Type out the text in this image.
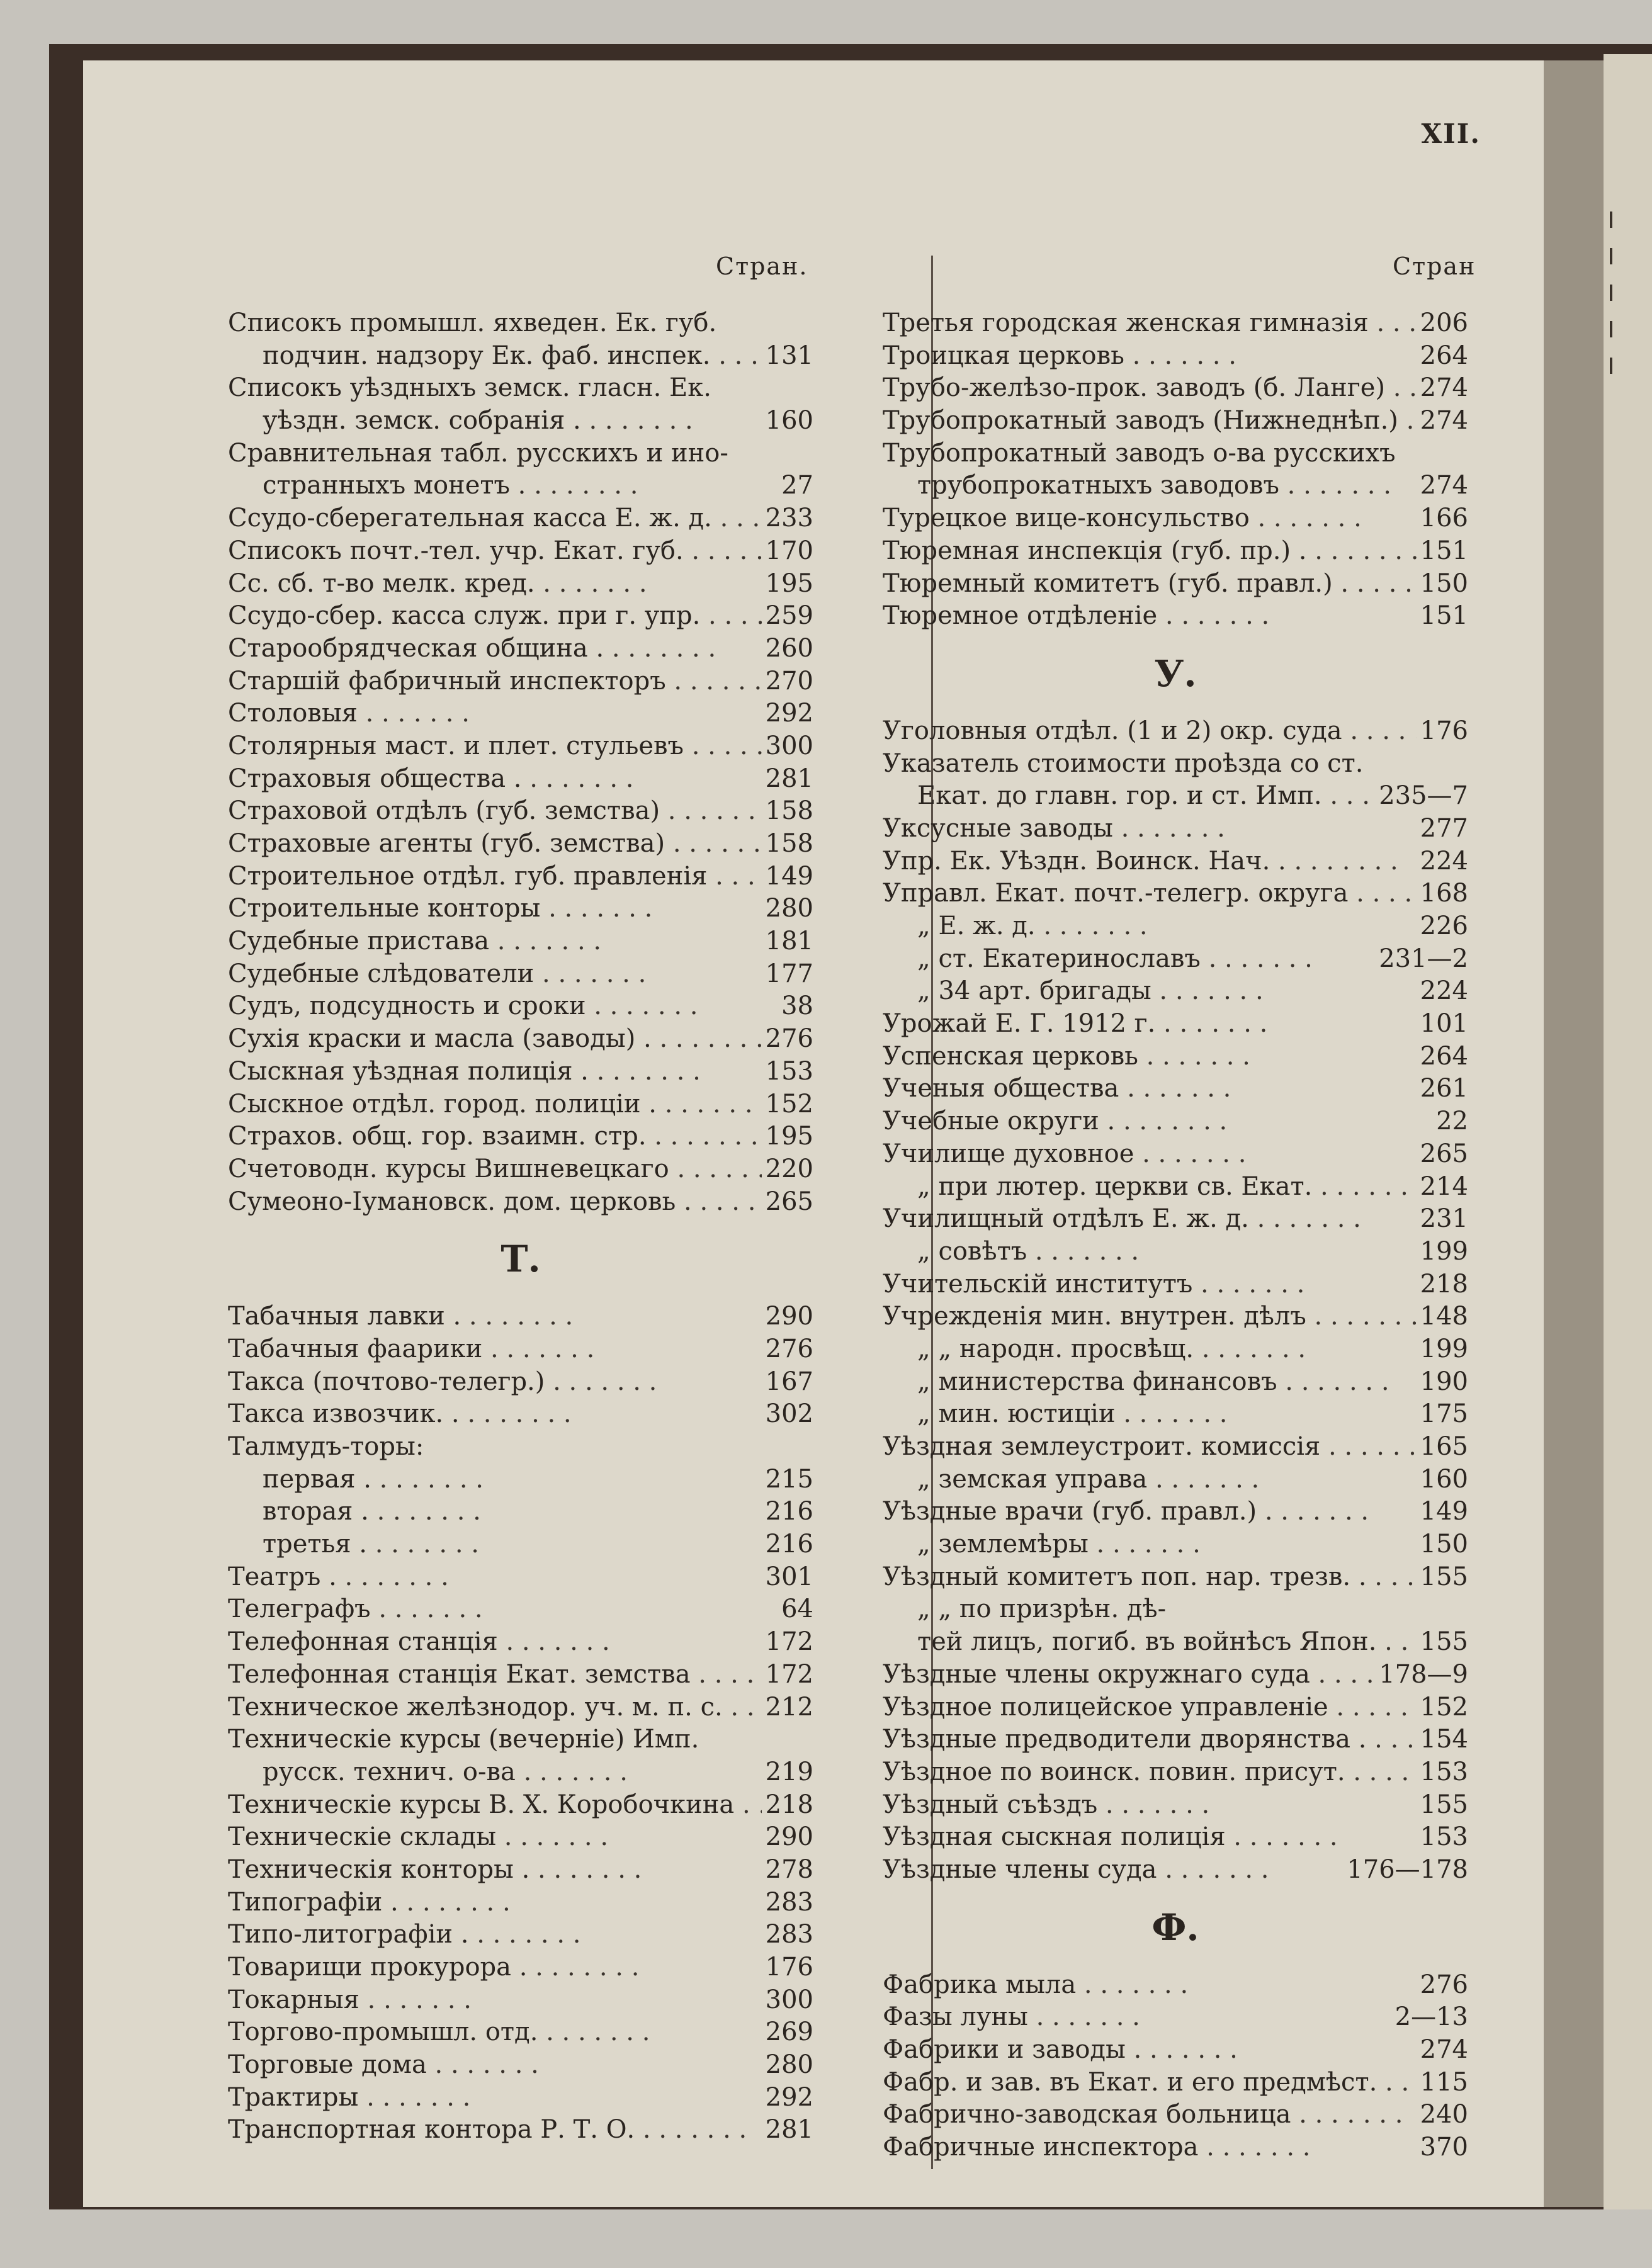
XII.
Стран.	Стран
Списокъ промышл. яхведен. Ек. губ.
подчин. надзору Ек. фаб. инспек. . .	131
Списокъ уѣздныхъ земск. гласн. Ек.
уѣздн. земск. собранія . . .	160
Сравнительная табл. русскихъ и ино-
странныхъ монетъ . . .	27
Ссудо-сберегательная касса Е. ж. д. . .	233
Списокъ почт.-тел. учр. Екат. губ. . .	170
Сс. сб. т-во мелк. кред. . .	195
Ссудо-сбер. касса служ. при г. упр. . .	259
Старообрядческая община . . .	260
Старшій фабричный инспекторъ . .	270
Столовыя . .	292
Столярныя маст. и плет. стульевъ . .	300
Страховыя общества . . .	281
Страховой отдѣлъ (губ. земства) . .	158
Страховые агенты (губ. земства) . .	158
Строительное отдѣл. губ. правленія . .	149
Строительные конторы . .	280
Судебные пристава . .	181
Судебные слѣдователи . .	177
Судъ, подсудность и сроки . .	38
Сухія краски и масла (заводы) . . .	276
Сыскная уѣздная полиція . . .	153
Сыскное отдѣл. город. полиціи . . .	152
Страхов. общ. гор. взаимн. стр. . .	195
Счетоводн. курсы Вишневецкаго . .	220
Сумеоно-Іумановск. дом. церковь . .	265
Т.
Табачныя лавки . . .	290
Табачныя фаарики . .	276
Такса (почтово-телегр.) . .	167
Такса извозчик. . . .	302
Талмудъ-торы:
первая . . .	215
вторая . . .	216
третья . . .	216
Театръ . . .	301
Телеграфъ . .	64
Телефонная станція . .	172
Телефонная станція Екат. земства . .	172
Техническое желѣзнодор. уч. м. п. с. . .	212
Техническіе курсы (вечерніе) Имп.
русск. технич. о-ва . .	219
Техническіе курсы В. Х. Коробочкина . .	218
Техническіе склады . .	290
Техническія конторы . . .	278
Типографіи . . .	283
Типо-литографіи . . .	283
Товарищи прокурора . . .	176
Токарныя . .	300
Торгово-промышл. отд. . .	269
Торговые дома . .	280
Трактиры . .	292
Транспортная контора Р. Т. О. . .	281
Третья городская женская гимназія . .	206
Троицкая церковь . .	264
Трубо-желѣзо-прок. заводъ (б. Ланге) . .	274
Трубопрокатный заводъ (Нижнеднѣп.) . . 274
Трубопрокатный заводъ о-ва русскихъ
трубопрокатныхъ заводовъ . .	274
Турецкое вице-консульство . .	166
Тюремная инспекція (губ. пр.) . . .	151
Тюремный комитетъ (губ. правл.) . .	150
Тюремное отдѣленіе . .	151
У.
Уголовныя отдѣл. (1 и 2) окр. суда . .	176
Указатель стоимости проѣзда со ст.
Екат. до главн. гор. и ст. Имп. . .	235—7
Уксусные заводы . .	277
Упр. Ек. Уѣздн. Воинск. Нач. . . .	224
Управл. Екат. почт.-телегр. округа . .	168
„ Е. ж. д. . .	226
„ ст. Екатеринославъ . .	231—2
„ 34 арт. бригады . .	224
Урожай Е. Г. 1912 г. . .	101
Успенская церковь . .	264
Ученыя общества . .	261
Учебные округи . . .	22
Училище духовное . .	265
„ при лютер. церкви св. Екат. . .	214
Училищный отдѣлъ Е. ж. д. . .	231
„ совѣтъ . .	199
Учительскій институтъ . .	218
Учрежденія мин. внутрен. дѣлъ . .	148
„ „ народн. просвѣщ. . .	199
„ министерства финансовъ . .	190
„ мин. юстиціи . .	175
Уѣздная землеустроит. комиссія . .	165
„ земская управа . .	160
Уѣздные врачи (губ. правл.) . .	149
„ землемѣры . .	150
Уѣздный комитетъ поп. нар. трезв. . . .	155
„ „ по призрѣн. дѣ-
тей лицъ, погиб. въ войнѣсъ Япон. . .	155
Уѣздные члены окружнаго суда . .	178—9
Уѣздное полицейское управленіе . .	152
Уѣздные предводители дворянства . . .	154
Уѣздное по воинск. повин. присут. . .	153
Уѣздный съѣздъ . .	155
Уѣздная сыскная полиція . .	153
Уѣздные члены суда . .	176—178
Ф.
Фабрика мыла . .	276
Фазы луны . .	2—13
Фабрики и заводы . .	274
Фабр. и зав. въ Екат. и его предмѣст. . .	115
Фабрично-заводская больница . .	240
Фабричные инспектора . .	370
